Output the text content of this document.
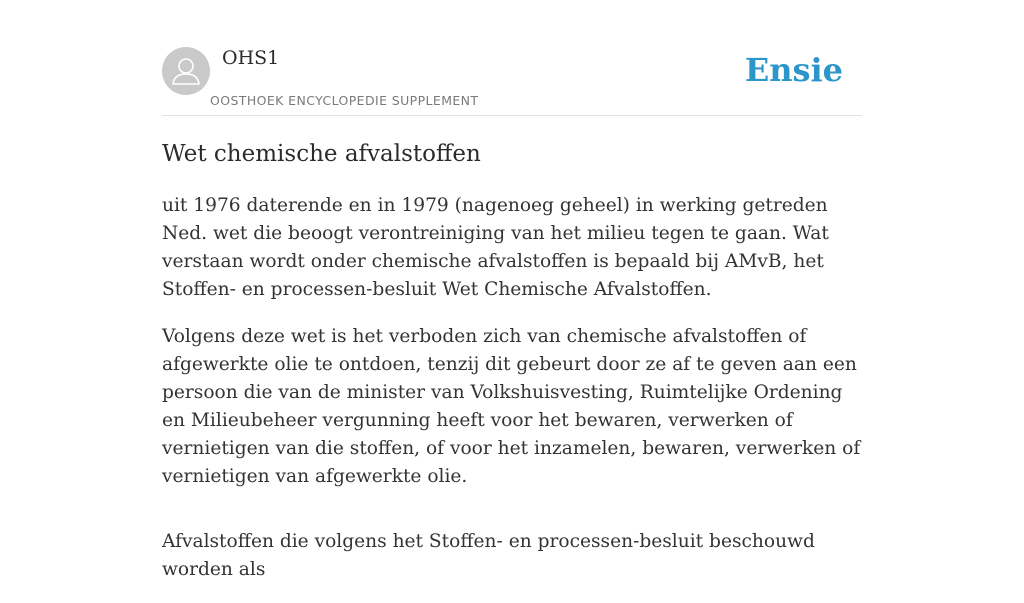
OHS1
OOSTHOEK ENCYCLOPEDIE SUPPLEMENT
Ensie
Wet chemische afvalstoffen

uit 1976 daterende en in 1979 (nagenoeg geheel) in werking getreden Ned. wet die beoogt verontreiniging van het milieu tegen te gaan. Wat verstaan wordt onder chemische afvalstoffen is bepaald bij AMvB, het Stoffen- en processen-besluit Wet Chemische Afvalstoffen.

Volgens deze wet is het verboden zich van chemische afvalstoffen of afgewerkte olie te ontdoen, tenzij dit gebeurt door ze af te geven aan een persoon die van de minister van Volkshuisvesting, Ruimtelijke Ordening en Milieubeheer vergunning heeft voor het bewaren, verwerken of vernietigen van die stoffen, of voor het inzamelen, bewaren, verwerken of vernietigen van afgewerkte olie.

Afvalstoffen die volgens het Stoffen- en processen-besluit beschouwd worden als
